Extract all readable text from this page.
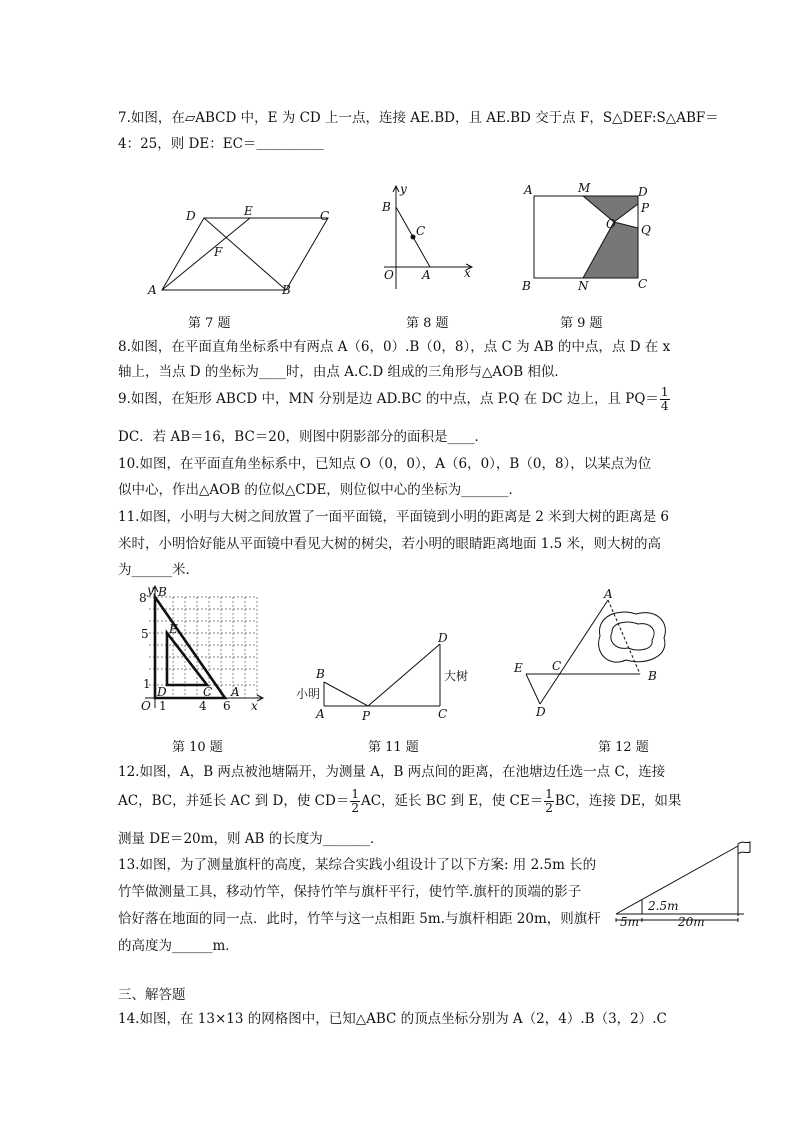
7.如图，在▱ABCD 中，E 为 CD 上一点，连接 AE.BD，且 AE.BD 交于点 F，S△DEF:S△ABF＝
4：25，则 DE：EC＝＿＿＿＿＿
D	E	C
F
A	B
y
x
B
C
O A
A	M	D
P
O Q
B	N	C
第 7 题	第 8 题	第 9 题
8.如图，在平面直角坐标系中有两点 A（6，0）.B（0，8），点 C 为 AB 的中点，点 D 在 x
轴上，当点 D 的坐标为____时，由点 A.C.D 组成的三角形与△AOB 相似．
9.如图，在矩形 ABCD 中，MN 分别是边 AD.BC 的中点，点 P.Q 在 DC 边上，且 $PQ= \frac{1}{4}$
DC．若 AB＝16，BC＝20，则图中阴影部分的面积是____．
10.如图，在平面直角坐标系中，已知点 O（0，0），A（6，0），B（0，8），以某点为位
似中心，作出△AOB 的位似△CDE，则位似中心的坐标为_______．
11.如图，小明与大树之间放置了一面平面镜，平面镜到小明的距离是 2 米到大树的距离是 6
米时，小明恰好能从平面镜中看见大树的树尖，若小明的眼睛距离地面 1.5 米，则大树的高
为______米．
8
5
1
1	4 6
y
x
O
B
E
D	C A
B
A	P
D
C
小明
大树
A
E C
B
D
第 10 题	第 11 题	第 12 题
12.如图，A，B 两点被池塘隔开，为测量 A，B 两点间的距离，在池塘边任选一点 C，连接
AC，BC，并延长 AC 到 D，使 $CD= \frac{1}{2}$ AC，延长 BC 到 E，使 $CE= \frac{1}{2}$ BC，连接 DE，如果
测量 DE＝20m，则 AB 的长度为_______．
13.如图，为了测量旗杆的高度，某综合实践小组设计了以下方案: 用 2.5m 长的
竹竿做测量工具，移动竹竿，保持竹竿与旗杆平行，使竹竿.旗杆的顶端的影子
恰好落在地面的同一点．此时，竹竿与这一点相距 5m.与旗杆相距 20m，则旗杆
的高度为______m．
2.5m
5m	20m
三、解答题
14.如图，在 13×13 的网格图中，已知△ABC 的顶点坐标分别为 A（2，4）.B（3，2）.C
